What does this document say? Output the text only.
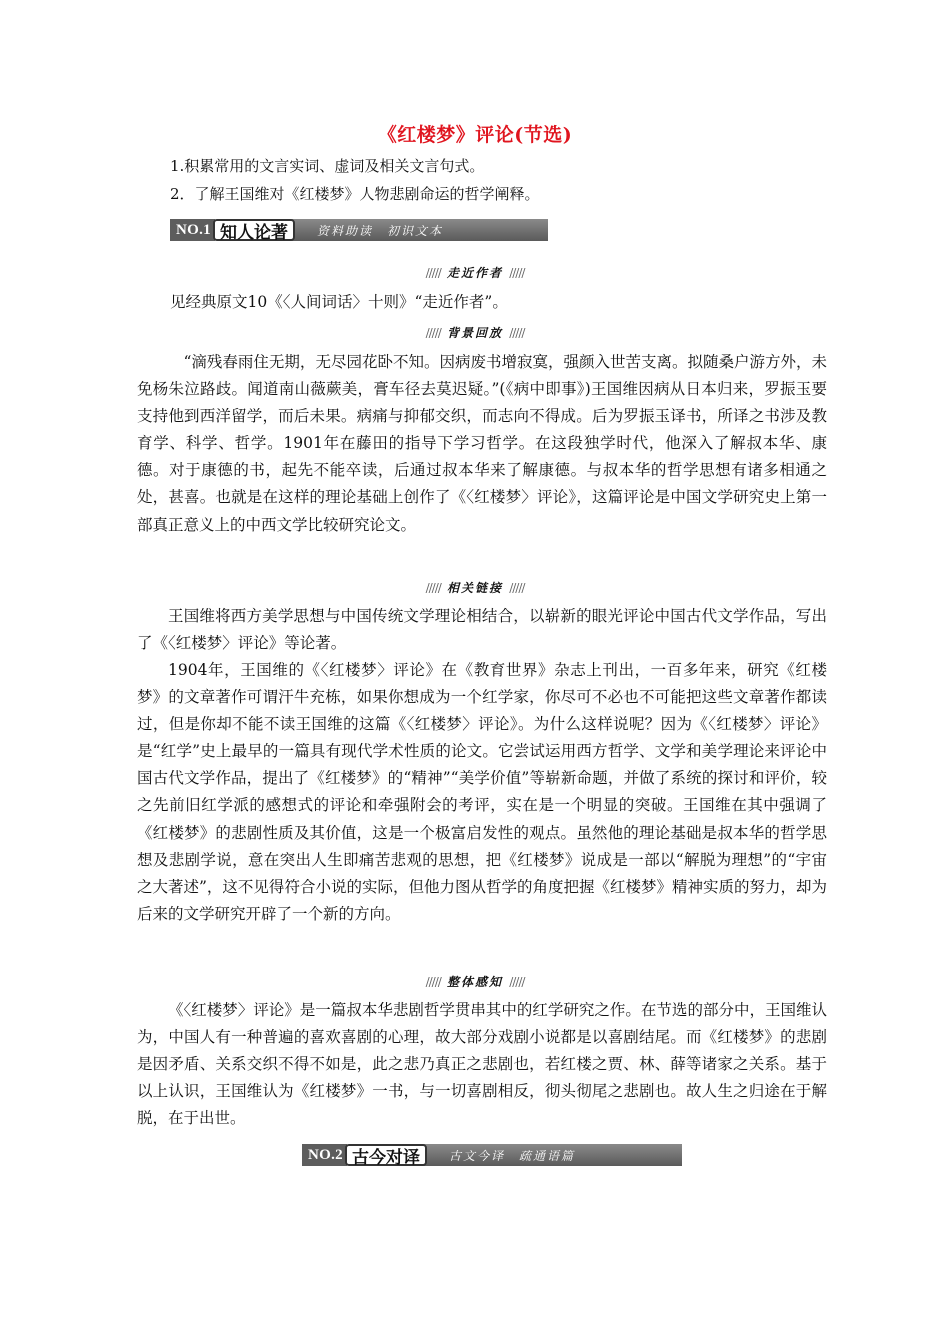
《红楼梦》评论(节选)
1.积累常用的文言实词、虚词及相关文言句式。
2．了解王国维对《红楼梦》人物悲剧命运的哲学阐释。
NO.1 知人论著	资料助读　初识文本
///// 走近作者 /////
见经典原文10《〈人间词话〉十则》“走近作者”。
///// 背景回放 /////

“滴残春雨住无期，无尽园花卧不知。因病废书增寂寞，强颜入世苦支离。拟随桑户游方外，未免杨朱泣路歧。闻道南山薇蕨美，膏车径去莫迟疑。”(《病中即事》)王国维因病从日本归来，罗振玉要支持他到西洋留学，而后未果。病痛与抑郁交织，而志向不得成。后为罗振玉译书，所译之书涉及教育学、科学、哲学。1901年在藤田的指导下学习哲学。在这段独学时代，他深入了解叔本华、康德。对于康德的书，起先不能卒读，后通过叔本华来了解康德。与叔本华的哲学思想有诸多相通之处，甚喜。也就是在这样的理论基础上创作了《〈红楼梦〉评论》，这篇评论是中国文学研究史上第一部真正意义上的中西文学比较研究论文。

///// 相关链接 /////

王国维将西方美学思想与中国传统文学理论相结合，以崭新的眼光评论中国古代文学作品，写出了《〈红楼梦〉评论》等论著。

1904年，王国维的《〈红楼梦〉评论》在《教育世界》杂志上刊出，一百多年来，研究《红楼梦》的文章著作可谓汗牛充栋，如果你想成为一个红学家，你尽可不必也不可能把这些文章著作都读过，但是你却不能不读王国维的这篇《〈红楼梦〉评论》。为什么这样说呢？因为《〈红楼梦〉评论》是“红学”史上最早的一篇具有现代学术性质的论文。它尝试运用西方哲学、文学和美学理论来评论中国古代文学作品，提出了《红楼梦》的“精神”“美学价值”等崭新命题，并做了系统的探讨和评价，较之先前旧红学派的感想式的评论和牵强附会的考评，实在是一个明显的突破。王国维在其中强调了《红楼梦》的悲剧性质及其价值，这是一个极富启发性的观点。虽然他的理论基础是叔本华的哲学思想及悲剧学说，意在突出人生即痛苦悲观的思想，把《红楼梦》说成是一部以“解脱为理想”的“宇宙之大著述”，这不见得符合小说的实际，但他力图从哲学的角度把握《红楼梦》精神实质的努力，却为后来的文学研究开辟了一个新的方向。

///// 整体感知 /////

《〈红楼梦〉评论》是一篇叔本华悲剧哲学贯串其中的红学研究之作。在节选的部分中，王国维认为，中国人有一种普遍的喜欢喜剧的心理，故大部分戏剧小说都是以喜剧结尾。而《红楼梦》的悲剧是因矛盾、关系交织不得不如是，此之悲乃真正之悲剧也，若红楼之贾、林、薛等诸家之关系。基于以上认识，王国维认为《红楼梦》一书，与一切喜剧相反，彻头彻尾之悲剧也。故人生之归途在于解脱，在于出世。

NO.2 古今对译	古文今译　疏通语篇
